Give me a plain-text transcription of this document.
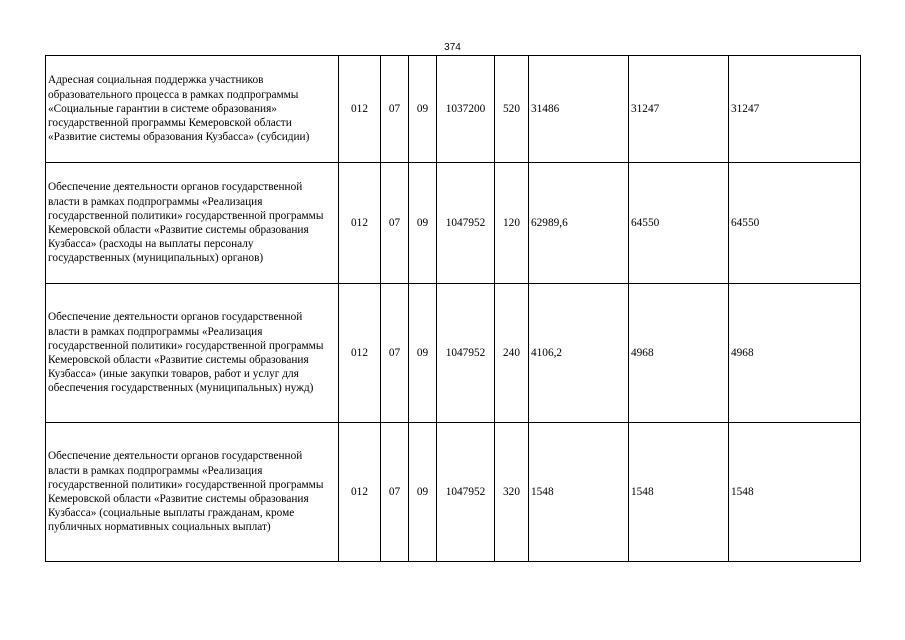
374
Адресная социальная поддержка участников образовательного процесса в рамках подпрограммы «Социальные гарантии в системе образования» государственной программы Кемеровской области «Развитие системы образования Кузбасса» (субсидии)	012	07	09	1037200	520	31486	31247	31247
Обеспечение деятельности органов государственной власти в рамках подпрограммы «Реализация государственной политики» государственной программы Кемеровской области «Развитие системы образования Кузбасса» (расходы на выплаты персоналу государственных (муниципальных) органов)	012	07	09	1047952	120	62989,6	64550	64550
Обеспечение деятельности органов государственной власти в рамках подпрограммы «Реализация государственной политики» государственной программы Кемеровской области «Развитие системы образования Кузбасса» (иные закупки товаров, работ и услуг для обеспечения государственных (муниципальных) нужд)	012	07	09	1047952	240	4106,2	4968	4968
Обеспечение деятельности органов государственной власти в рамках подпрограммы «Реализация государственной политики» государственной программы Кемеровской области «Развитие системы образования Кузбасса» (социальные выплаты гражданам, кроме публичных нормативных социальных выплат)	012	07	09	1047952	320	1548	1548	1548
